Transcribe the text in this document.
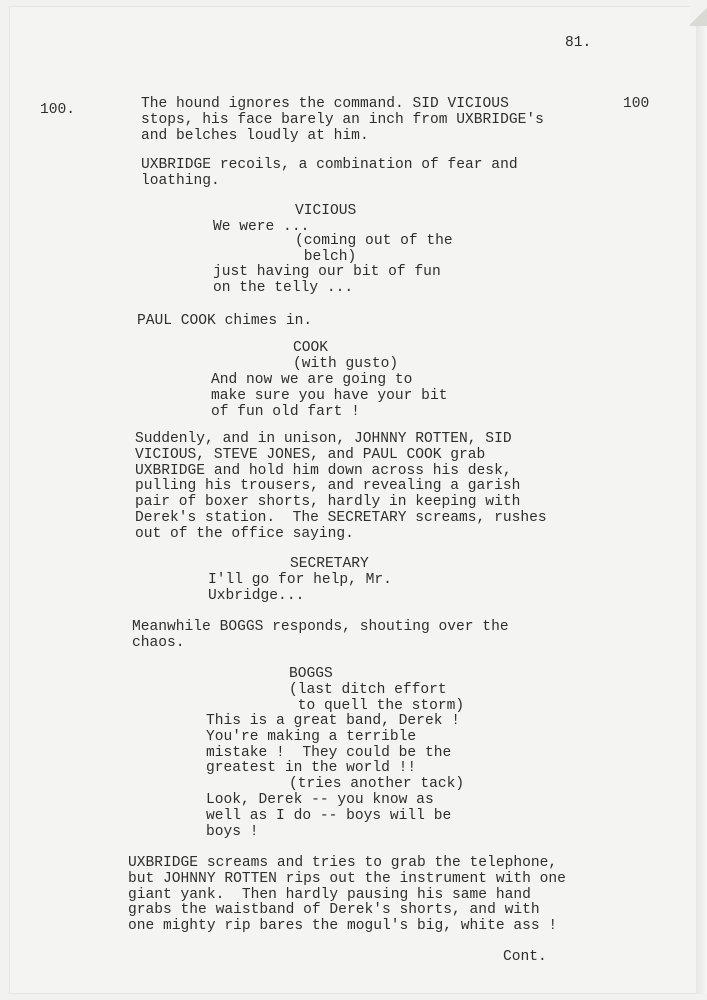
81.

100.	100

The hound ignores the command. SID VICIOUS
stops, his face barely an inch from UXBRIDGE's
and belches loudly at him.

UXBRIDGE recoils, a combination of fear and
loathing.

VICIOUS

We were ...

(coming out of the
belch)

just having our bit of fun
on the telly ...

PAUL COOK chimes in.

COOK

(with gusto)

And now we are going to
make sure you have your bit
of fun old fart !

Suddenly, and in unison, JOHNNY ROTTEN, SID
VICIOUS, STEVE JONES, and PAUL COOK grab
UXBRIDGE and hold him down across his desk,
pulling his trousers, and revealing a garish
pair of boxer shorts, hardly in keeping with
Derek's station.  The SECRETARY screams, rushes
out of the office saying.

SECRETARY

I'll go for help, Mr.
Uxbridge...

Meanwhile BOGGS responds, shouting over the
chaos.

BOGGS

(last ditch effort
to quell the storm)

This is a great band, Derek !
You're making a terrible
mistake !  They could be the
greatest in the world !!

(tries another tack)

Look, Derek -- you know as
well as I do -- boys will be
boys !

UXBRIDGE screams and tries to grab the telephone,
but JOHNNY ROTTEN rips out the instrument with one
giant yank.  Then hardly pausing his same hand
grabs the waistband of Derek's shorts, and with
one mighty rip bares the mogul's big, white ass !

Cont.
